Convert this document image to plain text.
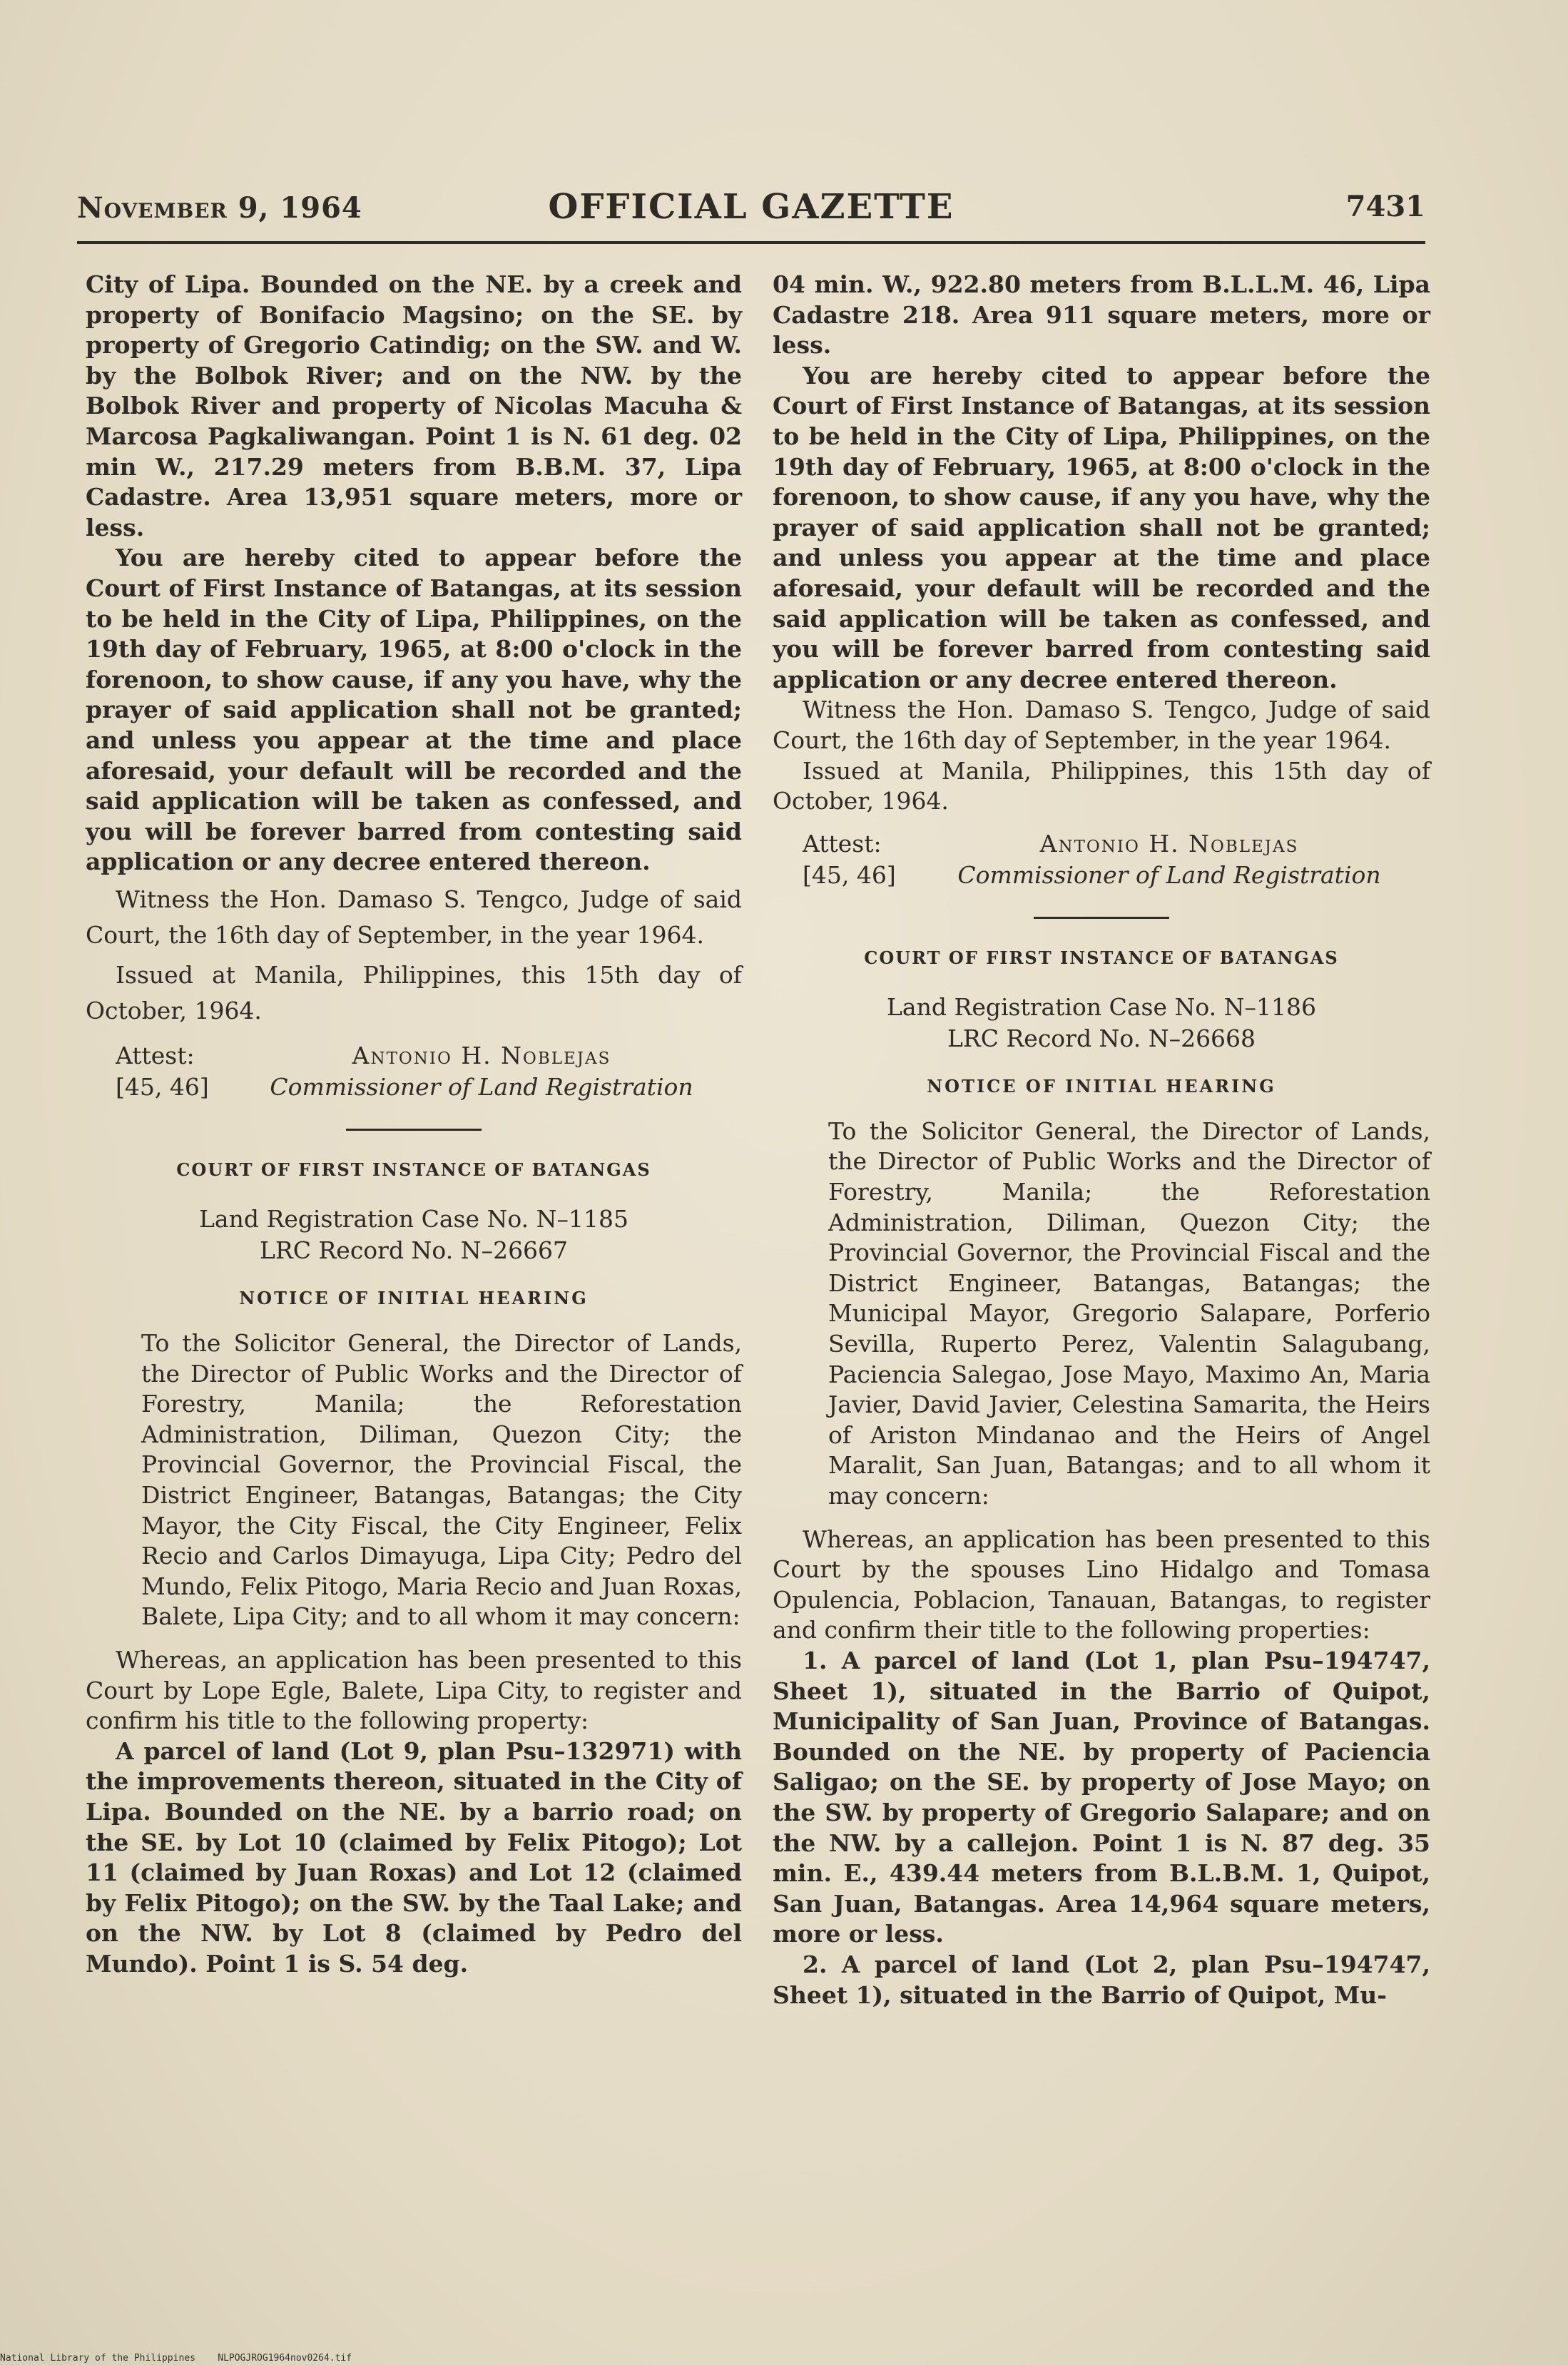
November 9, 1964	OFFICIAL GAZETTE	7431

City of Lipa. Bounded on the NE. by a creek and property of Bonifacio Magsino; on the SE. by property of Gregorio Catindig; on the SW. and W. by the Bolbok River; and on the NW. by the Bolbok River and property of Nicolas Macuha & Marcosa Pagkaliwangan. Point 1 is N. 61 deg. 02 min W., 217.29 meters from B.B.M. 37, Lipa Cadastre. Area 13,951 square meters, more or less.

You are hereby cited to appear before the Court of First Instance of Batangas, at its session to be held in the City of Lipa, Philippines, on the 19th day of February, 1965, at 8:00 o'clock in the forenoon, to show cause, if any you have, why the prayer of said application shall not be granted; and unless you appear at the time and place aforesaid, your default will be recorded and the said application will be taken as confessed, and you will be forever barred from contesting said application or any decree entered thereon.

Witness the Hon. Damaso S. Tengco, Judge of said Court, the 16th day of September, in the year 1964.

Issued at Manila, Philippines, this 15th day of October, 1964.

Attest:
[45, 46]
Antonio H. Noblejas
Commissioner of Land Registration
COURT OF FIRST INSTANCE OF BATANGAS

Land Registration Case No. N–1185

LRC Record No. N–26667

NOTICE OF INITIAL HEARING

To the Solicitor General, the Director of Lands, the Director of Public Works and the Director of Forestry, Manila; the Reforestation Administration, Diliman, Quezon City; the Provincial Governor, the Provincial Fiscal, the District Engineer, Batangas, Batangas; the City Mayor, the City Fiscal, the City Engineer, Felix Recio and Carlos Dimayuga, Lipa City; Pedro del Mundo, Felix Pitogo, Maria Recio and Juan Roxas, Balete, Lipa City; and to all whom it may concern:

Whereas, an application has been presented to this Court by Lope Egle, Balete, Lipa City, to register and confirm his title to the following property:

A parcel of land (Lot 9, plan Psu–132971) with the improvements thereon, situated in the City of Lipa. Bounded on the NE. by a barrio road; on the SE. by Lot 10 (claimed by Felix Pitogo); Lot 11 (claimed by Juan Roxas) and Lot 12 (claimed by Felix Pitogo); on the SW. by the Taal Lake; and on the NW. by Lot 8 (claimed by Pedro del Mundo). Point 1 is S. 54 deg.

04 min. W., 922.80 meters from B.L.L.M. 46, Lipa Cadastre 218. Area 911 square meters, more or less.

You are hereby cited to appear before the Court of First Instance of Batangas, at its session to be held in the City of Lipa, Philippines, on the 19th day of February, 1965, at 8:00 o'clock in the forenoon, to show cause, if any you have, why the prayer of said application shall not be granted; and unless you appear at the time and place aforesaid, your default will be recorded and the said application will be taken as confessed, and you will be forever barred from contesting said application or any decree entered thereon.

Witness the Hon. Damaso S. Tengco, Judge of said Court, the 16th day of September, in the year 1964.

Issued at Manila, Philippines, this 15th day of October, 1964.

Attest:
[45, 46]
Antonio H. Noblejas
Commissioner of Land Registration
COURT OF FIRST INSTANCE OF BATANGAS

Land Registration Case No. N–1186

LRC Record No. N–26668

NOTICE OF INITIAL HEARING

To the Solicitor General, the Director of Lands, the Director of Public Works and the Director of Forestry, Manila; the Reforestation Administration, Diliman, Quezon City; the Provincial Governor, the Provincial Fiscal and the District Engineer, Batangas, Batangas; the Municipal Mayor, Gregorio Salapare, Porferio Sevilla, Ruperto Perez, Valentin Salagubang, Paciencia Salegao, Jose Mayo, Maximo An, Maria Javier, David Javier, Celestina Samarita, the Heirs of Ariston Mindanao and the Heirs of Angel Maralit, San Juan, Batangas; and to all whom it may concern:

Whereas, an application has been presented to this Court by the spouses Lino Hidalgo and Tomasa Opulencia, Poblacion, Tanauan, Batangas, to register and confirm their title to the following properties:

1. A parcel of land (Lot 1, plan Psu–194747, Sheet 1), situated in the Barrio of Quipot, Municipality of San Juan, Province of Batangas. Bounded on the NE. by property of Paciencia Saligao; on the SE. by property of Jose Mayo; on the SW. by property of Gregorio Salapare; and on the NW. by a callejon. Point 1 is N. 87 deg. 35 min. E., 439.44 meters from B.L.B.M. 1, Quipot, San Juan, Batangas. Area 14,964 square meters, more or less.

2. A parcel of land (Lot 2, plan Psu–194747, Sheet 1), situated in the Barrio of Quipot, Mu-

National Library of the Philippines NLPOGJROG1964nov0264.tif
